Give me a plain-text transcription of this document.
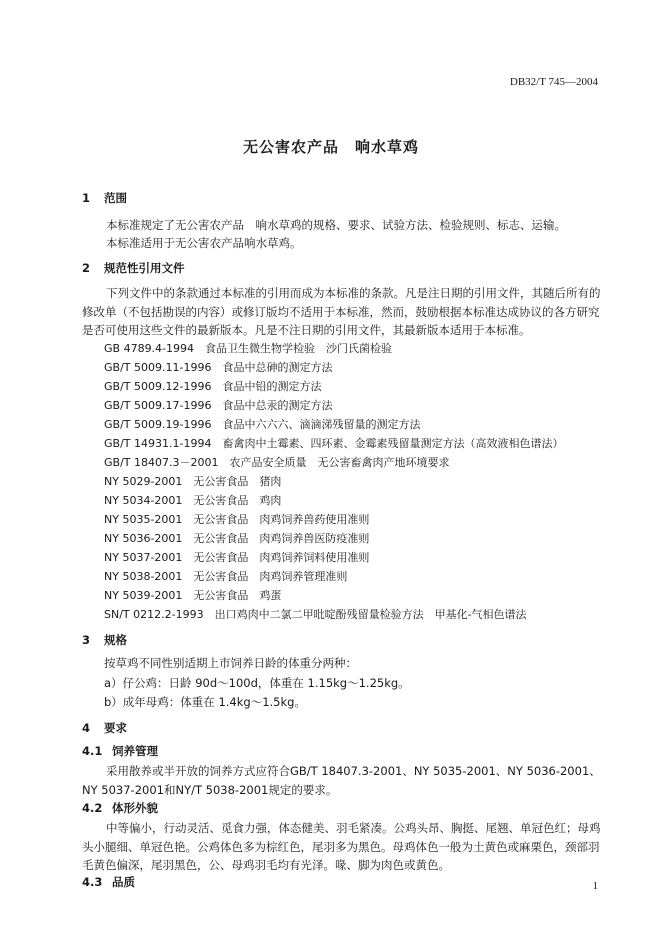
DB32/T 745—2004
无公害农产品　响水草鸡
1 范围
本标准规定了无公害农产品　响水草鸡的规格、要求、试验方法、检验规则、标志、运输。
本标准适用于无公害农产品响水草鸡。
2 规范性引用文件
下列文件中的条款通过本标准的引用而成为本标准的条款。凡是注日期的引用文件，其随后所有的修改单（不包括勘误的内容）或修订版均不适用于本标准，然而，鼓励根据本标准达成协议的各方研究是否可使用这些文件的最新版本。凡是不注日期的引用文件，其最新版本适用于本标准。
GB 4789.4-1994　食品卫生微生物学检验　沙门氏菌检验
GB/T 5009.11-1996　食品中总砷的测定方法
GB/T 5009.12-1996　食品中铅的测定方法
GB/T 5009.17-1996　食品中总汞的测定方法
GB/T 5009.19-1996　食品中六六六、滴滴涕残留量的测定方法
GB/T 14931.1-1994　畜禽肉中土霉素、四环素、金霉素残留量测定方法（高效液相色谱法）
GB/T 18407.3－2001　农产品安全质量　无公害畜禽肉产地环境要求
NY 5029-2001　无公害食品　猪肉
NY 5034-2001　无公害食品　鸡肉
NY 5035-2001　无公害食品　肉鸡饲养兽药使用准则
NY 5036-2001　无公害食品　肉鸡饲养兽医防疫准则
NY 5037-2001　无公害食品　肉鸡饲养饲料使用准则
NY 5038-2001　无公害食品　肉鸡饲养管理准则
NY 5039-2001　无公害食品　鸡蛋
SN/T 0212.2-1993　出口鸡肉中二氯二甲吡啶酚残留量检验方法　甲基化-气相色谱法
3 规格
按草鸡不同性别适期上市饲养日龄的体重分两种：
a）仔公鸡：日龄 90d～100d，体重在 1.15kg～1.25kg。
b）成年母鸡：体重在 1.4kg～1.5kg。
4 要求
4.1 饲养管理
采用散养或半开放的饲养方式应符合GB/T 18407.3-2001、NY 5035-2001、NY 5036-2001、NY 5037-2001和NY/T 5038-2001规定的要求。
4.2 体形外貌
中等偏小，行动灵活、觅食力强，体态健美、羽毛紧凑。公鸡头昂、胸挺、尾翘、单冠色红；母鸡头小腿细、单冠色艳。公鸡体色多为棕红色，尾羽多为黑色。母鸡体色一般为土黄色或麻栗色，颈部羽毛黄色偏深，尾羽黑色，公、母鸡羽毛均有光泽。喙、脚为肉色或黄色。
4.3 品质	1
